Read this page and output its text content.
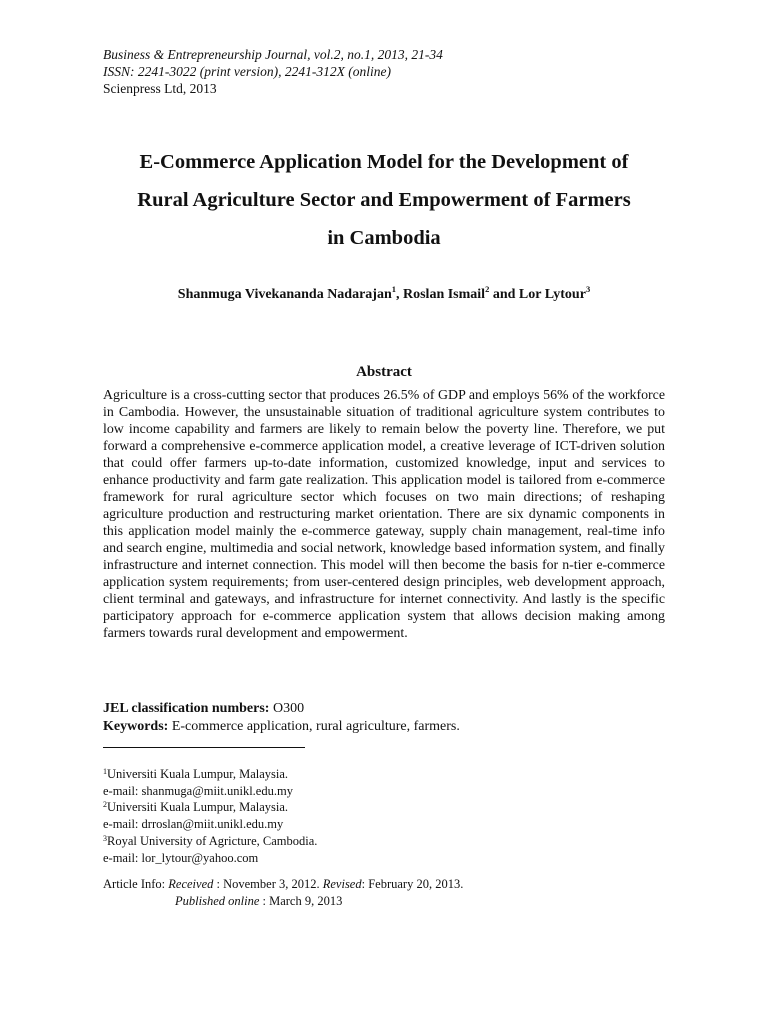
Business & Entrepreneurship Journal, vol.2, no.1, 2013, 21-34
ISSN: 2241-3022 (print version), 2241-312X (online)
Scienpress Ltd, 2013
E-Commerce Application Model for the Development of
Rural Agriculture Sector and Empowerment of Farmers
in Cambodia
Shanmuga Vivekananda Nadarajan$^1$, Roslan Ismail$^2$ and Lor Lytour$^3$
Abstract

Agriculture is a cross-cutting sector that produces 26.5% of GDP and employs 56% of the workforce in Cambodia. However, the unsustainable situation of traditional agriculture system contributes to low income capability and farmers are likely to remain below the poverty line. Therefore, we put forward a comprehensive e-commerce application model, a creative leverage of ICT-driven solution that could offer farmers up-to-date information, customized knowledge, input and services to enhance productivity and farm gate realization. This application model is tailored from e-commerce framework for rural agriculture sector which focuses on two main directions; of reshaping agriculture production and restructuring market orientation. There are six dynamic components in this application model mainly the e-commerce gateway, supply chain management, real-time info and search engine, multimedia and social network, knowledge based information system, and finally infrastructure and internet connection. This model will then become the basis for n-tier e-commerce application system requirements; from user-centered design principles, web development approach, client terminal and gateways, and infrastructure for internet connectivity. And lastly is the specific participatory approach for e-commerce application system that allows decision making among farmers towards rural development and empowerment.

JEL classification numbers: O300
Keywords: E-commerce application, rural agriculture, farmers.
$^1$Universiti Kuala Lumpur, Malaysia.
e-mail: shanmuga@miit.unikl.edu.my
$^2$Universiti Kuala Lumpur, Malaysia.
e-mail: drroslan@miit.unikl.edu.my
$^3$Royal University of Agricture, Cambodia.
e-mail: lor_lytour@yahoo.com
Article Info: Received : November 3, 2012. Revised: February 20, 2013.
Published online : March 9, 2013
